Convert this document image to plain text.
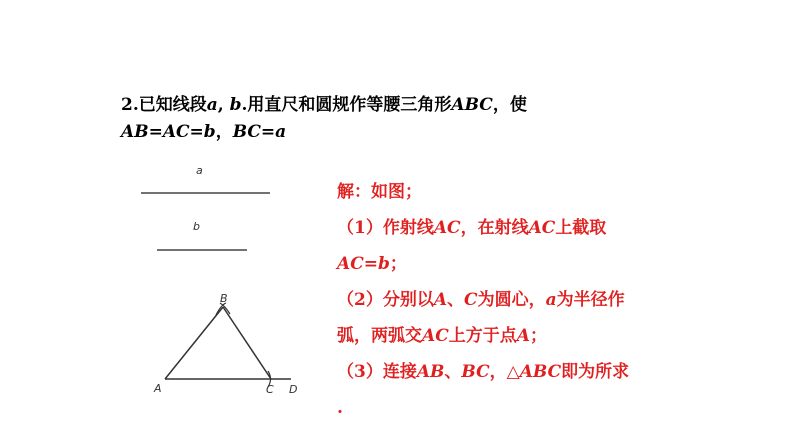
2.已知线段a, b.用直尺和圆规作等腰三角形ABC，使
AB=AC=b，BC=a
a
b
B
A	C D
解：如图；
（1）作射线AC，在射线AC上截取
AC=b；
（2）分别以A、C为圆心，a为半径作
弧，两弧交AC上方于点A；
（3）连接AB、BC，△ABC即为所求
.
